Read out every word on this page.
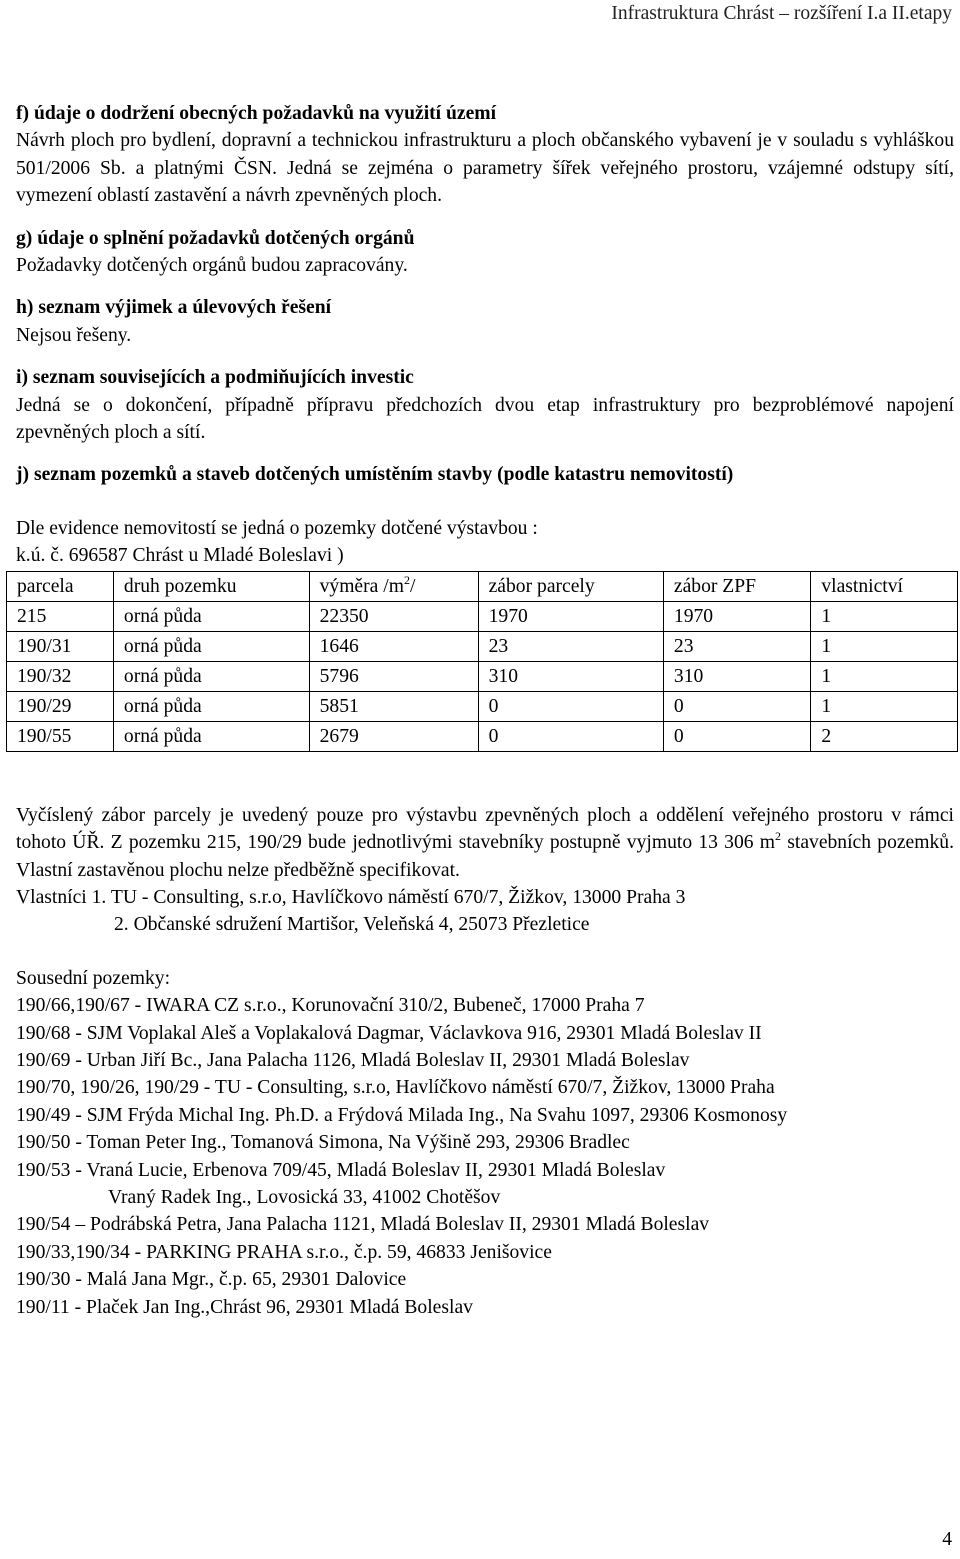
Infrastruktura Chrást – rozšíření I.a II.etapy

f) údaje o dodržení obecných požadavků na využití území

Návrh ploch pro bydlení, dopravní a technickou infrastrukturu a ploch občanského vybavení je v souladu s vyhláškou 501/2006 Sb. a platnými ČSN. Jedná se zejména o parametry šířek veřejného prostoru, vzájemné odstupy sítí, vymezení oblastí zastavění a návrh zpevněných ploch.

g) údaje o splnění požadavků dotčených orgánů

Požadavky dotčených orgánů budou zapracovány.

h) seznam výjimek a úlevových řešení

Nejsou řešeny.

i) seznam souvisejících a podmiňujících investic

Jedná se o dokončení, případně přípravu předchozích dvou etap infrastruktury pro bezproblémové napojení zpevněných ploch a sítí.

j) seznam pozemků a staveb dotčených umístěním stavby (podle katastru nemovitostí)

Dle evidence nemovitostí se jedná o pozemky dotčené výstavbou :

k.ú. č. 696587 Chrást u Mladé Boleslavi )

parcela	druh pozemku	výměra $/m^2/$	zábor parcely	zábor ZPF	vlastnictví
215	orná půda	22350	1970	1970	1
190/31	orná půda	1646	23	23	1
190/32	orná půda	5796	310	310	1
190/29	orná půda	5851	0	0	1
190/55	orná půda	2679	0	0	2

Vyčíslený zábor parcely je uvedený pouze pro výstavbu zpevněných ploch a oddělení veřejného prostoru v rámci tohoto ÚŘ. Z pozemku 215, 190/29 bude jednotlivými stavebníky postupně vyjmuto 13 306 $m^2$ stavebních pozemků. Vlastní zastavěnou plochu nelze předběžně specifikovat.

Vlastníci 1. TU - Consulting, s.r.o, Havlíčkovo náměstí 670/7, Žižkov, 13000 Praha 3

2. Občanské sdružení Martišor, Veleňská 4, 25073 Přezletice

Sousední pozemky:

190/66,190/67 - IWARA CZ s.r.o., Korunovační 310/2, Bubeneč, 17000 Praha 7

190/68 - SJM Voplakal Aleš a Voplakalová Dagmar, Václavkova 916, 29301 Mladá Boleslav II

190/69 - Urban Jiří Bc., Jana Palacha 1126, Mladá Boleslav II, 29301 Mladá Boleslav

190/70, 190/26, 190/29 - TU - Consulting, s.r.o, Havlíčkovo náměstí 670/7, Žižkov, 13000 Praha

190/49 - SJM Frýda Michal Ing. Ph.D. a Frýdová Milada Ing., Na Svahu 1097, 29306 Kosmonosy

190/50 - Toman Peter Ing., Tomanová Simona, Na Výšině 293, 29306 Bradlec

190/53 - Vraná Lucie, Erbenova 709/45, Mladá Boleslav II, 29301 Mladá Boleslav

Vraný Radek Ing., Lovosická 33, 41002 Chotěšov

190/54 – Podrábská Petra, Jana Palacha 1121, Mladá Boleslav II, 29301 Mladá Boleslav

190/33,190/34 - PARKING PRAHA s.r.o., č.p. 59, 46833 Jenišovice

190/30 - Malá Jana Mgr., č.p. 65, 29301 Dalovice

190/11 - Plaček Jan Ing.,Chrást 96, 29301 Mladá Boleslav

4
